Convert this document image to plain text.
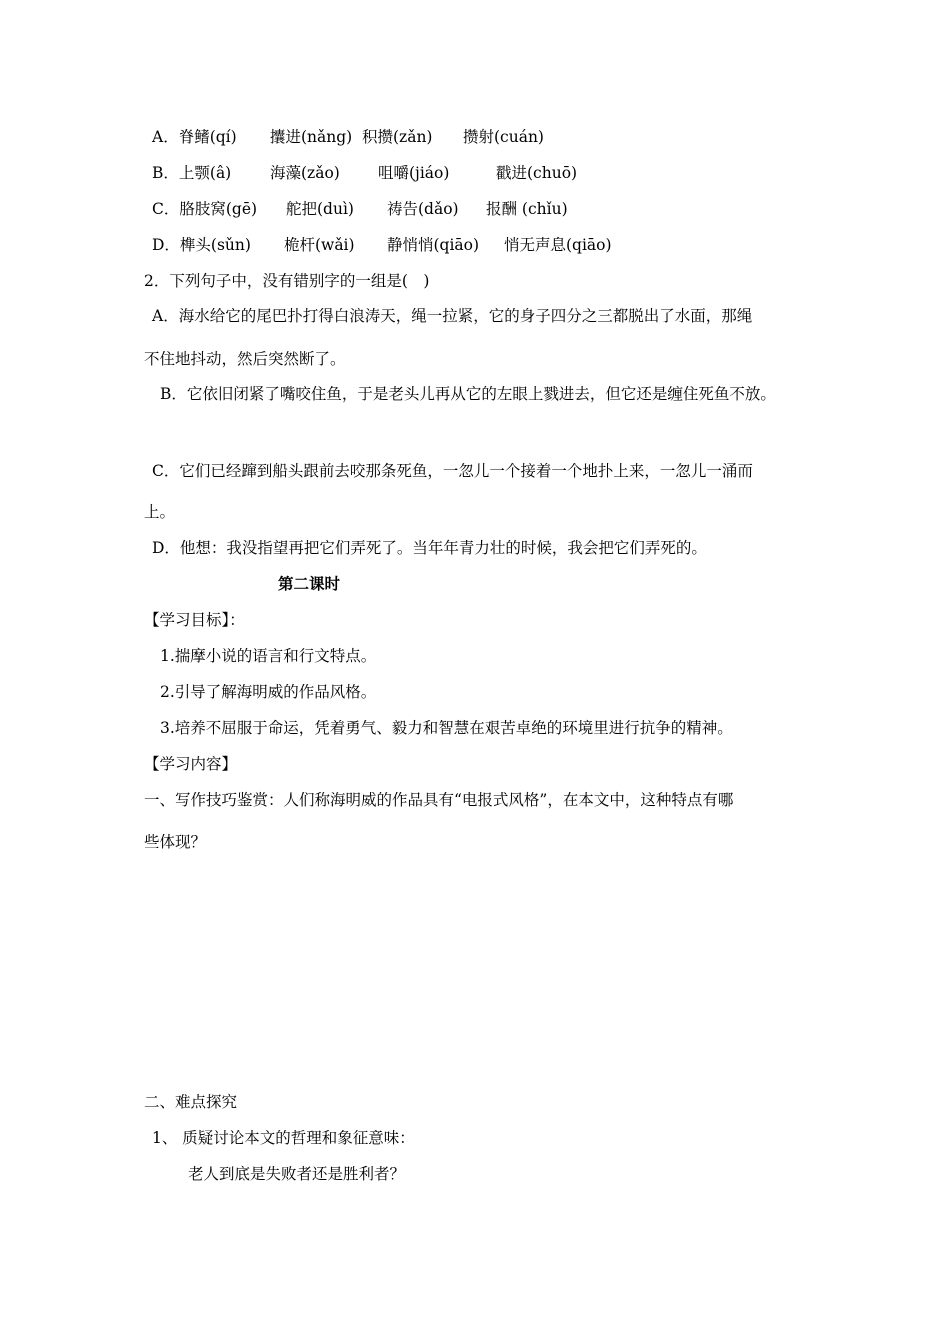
A．脊鳍(qí) 攮进(nǎng) 积攒(zǎn) 攒射(cuán)
B．上颚(â)	海藻(zǎo) 咀嚼(jiáo)	戳进(chuō)
C．胳肢窝(gē) 舵把(duì) 祷告(dǎo) 报酬 (chǐu)
D．榫头(sǔn) 桅杆(wǎi) 静悄悄(qiāo) 悄无声息(qiāo)
2．下列句子中，没有错别字的一组是(　)
A．海水给它的尾巴扑打得白浪涛天，绳一拉紧，它的身子四分之三都脱出了水面，那绳
不住地抖动，然后突然断了。
B．它依旧闭紧了嘴咬住鱼，于是老头儿再从它的左眼上戮进去，但它还是缠住死鱼不放。
C．它们已经蹿到船头跟前去咬那条死鱼，一忽儿一个接着一个地扑上来，一忽儿一涌而
上。
D．他想：我没指望再把它们弄死了。当年年青力壮的时候，我会把它们弄死的。
第二课时
【学习目标】：
1.揣摩小说的语言和行文特点。
2.引导了解海明威的作品风格。
3.培养不屈服于命运，凭着勇气、毅力和智慧在艰苦卓绝的环境里进行抗争的精神。
【学习内容】
一、写作技巧鉴赏：人们称海明威的作品具有“电报式风格”，在本文中，这种特点有哪
些体现？
二、难点探究
1、 质疑讨论本文的哲理和象征意味：
老人到底是失败者还是胜利者？
